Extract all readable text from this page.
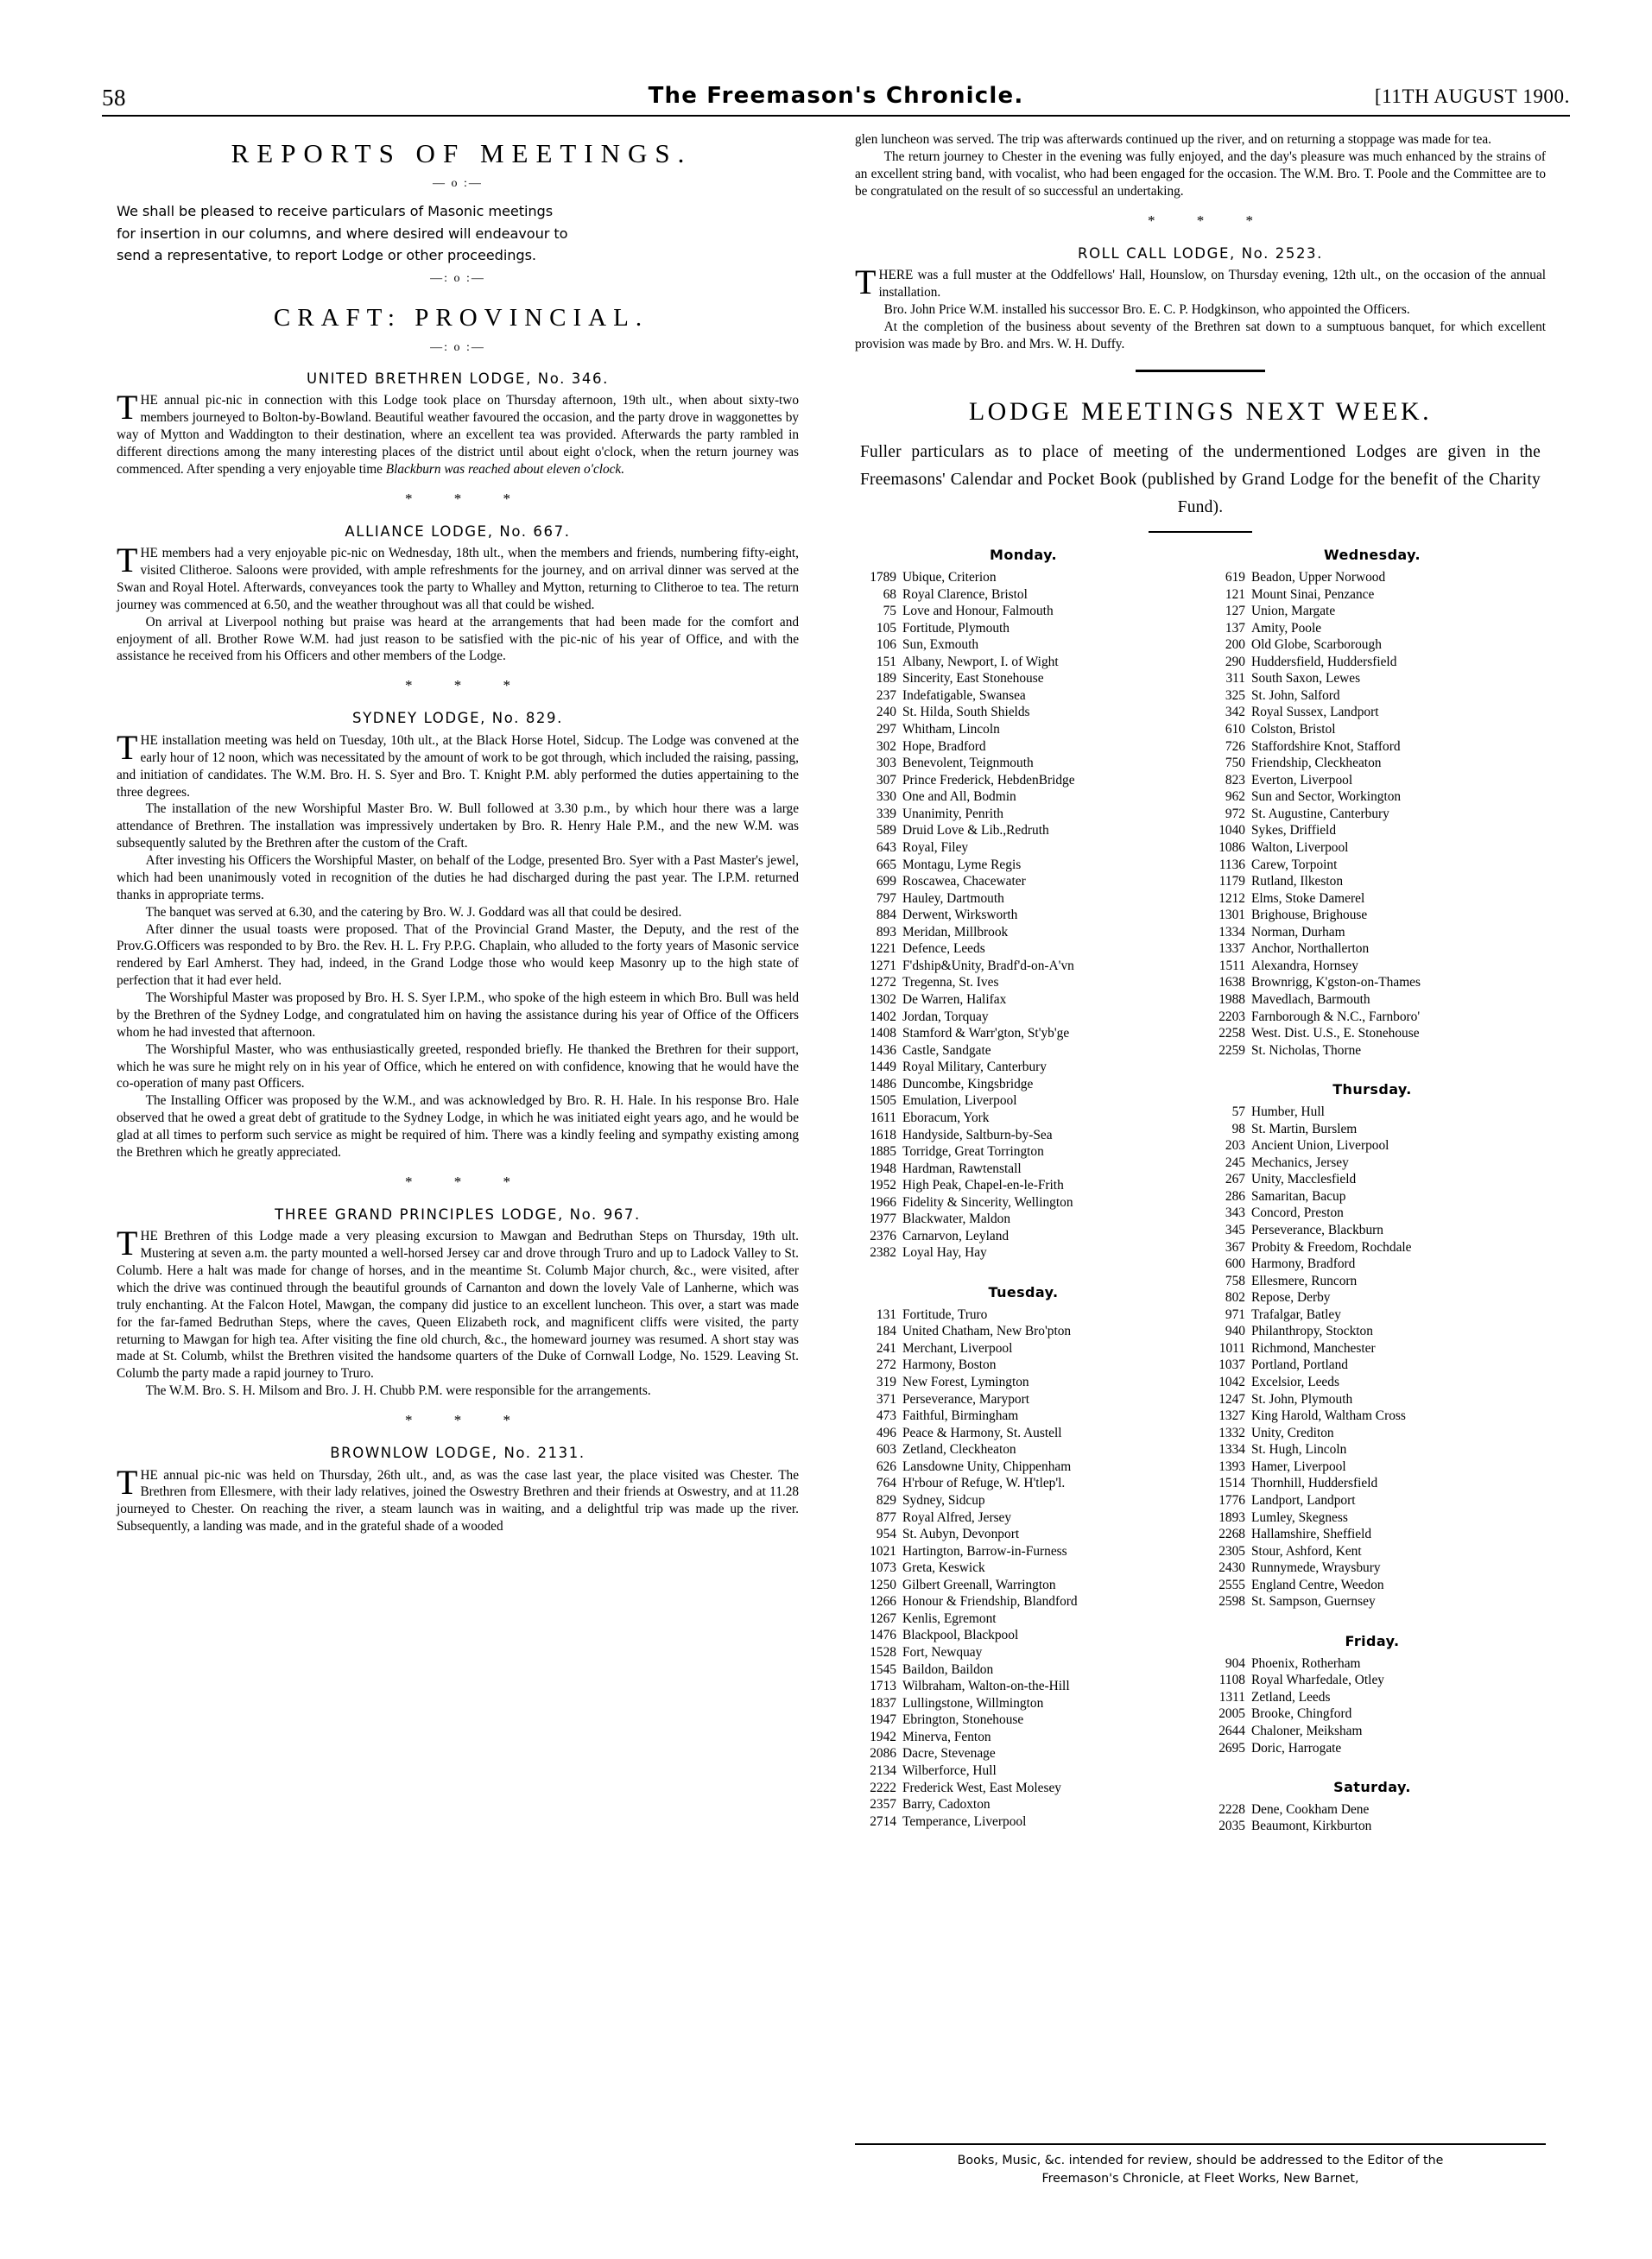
58	The Freemason's Chronicle.	[11TH AUGUST 1900.
REPORTS OF MEETINGS.
— o :—
We shall be pleased to receive particulars of Masonic meetings
for insertion in our columns, and where desired will endeavour to
send a representative, to report Lodge or other proceedings.
—: o :—
CRAFT: PROVINCIAL.
—: o :—
UNITED BRETHREN LODGE, No. 346.

THE annual pic-nic in connection with this Lodge took place on Thursday afternoon, 19th ult., when about sixty-two members journeyed to Bolton-by-Bowland. Beautiful weather favoured the occasion, and the party drove in waggonettes by way of Mytton and Waddington to their destination, where an excellent tea was provided. Afterwards the party rambled in different directions among the many interesting places of the district until about eight o'clock, when the return journey was commenced. After spending a very enjoyable time Blackburn was reached about eleven o'clock.

* * *
ALLIANCE LODGE, No. 667.

THE members had a very enjoyable pic-nic on Wednesday, 18th ult., when the members and friends, numbering fifty-eight, visited Clitheroe. Saloons were provided, with ample refreshments for the journey, and on arrival dinner was served at the Swan and Royal Hotel. Afterwards, conveyances took the party to Whalley and Mytton, returning to Clitheroe to tea. The return journey was commenced at 6.50, and the weather throughout was all that could be wished.

On arrival at Liverpool nothing but praise was heard at the arrangements that had been made for the comfort and enjoyment of all. Brother Rowe W.M. had just reason to be satisfied with the pic-nic of his year of Office, and with the assistance he received from his Officers and other members of the Lodge.

* * *
SYDNEY LODGE, No. 829.

THE installation meeting was held on Tuesday, 10th ult., at the Black Horse Hotel, Sidcup. The Lodge was convened at the early hour of 12 noon, which was necessitated by the amount of work to be got through, which included the raising, passing, and initiation of candidates. The W.M. Bro. H. S. Syer and Bro. T. Knight P.M. ably performed the duties appertaining to the three degrees.

The installation of the new Worshipful Master Bro. W. Bull followed at 3.30 p.m., by which hour there was a large attendance of Brethren. The installation was impressively undertaken by Bro. R. Henry Hale P.M., and the new W.M. was subsequently saluted by the Brethren after the custom of the Craft.

After investing his Officers the Worshipful Master, on behalf of the Lodge, presented Bro. Syer with a Past Master's jewel, which had been unanimously voted in recognition of the duties he had discharged during the past year. The I.P.M. returned thanks in appropriate terms.

The banquet was served at 6.30, and the catering by Bro. W. J. Goddard was all that could be desired.

After dinner the usual toasts were proposed. That of the Provincial Grand Master, the Deputy, and the rest of the Prov.G.Officers was responded to by Bro. the Rev. H. L. Fry P.P.G. Chaplain, who alluded to the forty years of Masonic service rendered by Earl Amherst. They had, indeed, in the Grand Lodge those who would keep Masonry up to the high state of perfection that it had ever held.

The Worshipful Master was proposed by Bro. H. S. Syer I.P.M., who spoke of the high esteem in which Bro. Bull was held by the Brethren of the Sydney Lodge, and congratulated him on having the assistance during his year of Office of the Officers whom he had invested that afternoon.

The Worshipful Master, who was enthusiastically greeted, responded briefly. He thanked the Brethren for their support, which he was sure he might rely on in his year of Office, which he entered on with confidence, knowing that he would have the co-operation of many past Officers.

The Installing Officer was proposed by the W.M., and was acknowledged by Bro. R. H. Hale. In his response Bro. Hale observed that he owed a great debt of gratitude to the Sydney Lodge, in which he was initiated eight years ago, and he would be glad at all times to perform such service as might be required of him. There was a kindly feeling and sympathy existing among the Brethren which he greatly appreciated.

* * *
THREE GRAND PRINCIPLES LODGE, No. 967.

THE Brethren of this Lodge made a very pleasing excursion to Mawgan and Bedruthan Steps on Thursday, 19th ult. Mustering at seven a.m. the party mounted a well-horsed Jersey car and drove through Truro and up to Ladock Valley to St. Columb. Here a halt was made for change of horses, and in the meantime St. Columb Major church, &c., were visited, after which the drive was continued through the beautiful grounds of Carnanton and down the lovely Vale of Lanherne, which was truly enchanting. At the Falcon Hotel, Mawgan, the company did justice to an excellent luncheon. This over, a start was made for the far-famed Bedruthan Steps, where the caves, Queen Elizabeth rock, and magnificent cliffs were visited, the party returning to Mawgan for high tea. After visiting the fine old church, &c., the homeward journey was resumed. A short stay was made at St. Columb, whilst the Brethren visited the handsome quarters of the Duke of Cornwall Lodge, No. 1529. Leaving St. Columb the party made a rapid journey to Truro.

The W.M. Bro. S. H. Milsom and Bro. J. H. Chubb P.M. were responsible for the arrangements.

* * *
BROWNLOW LODGE, No. 2131.

THE annual pic-nic was held on Thursday, 26th ult., and, as was the case last year, the place visited was Chester. The Brethren from Ellesmere, with their lady relatives, joined the Oswestry Brethren and their friends at Oswestry, and at 11.28 journeyed to Chester. On reaching the river, a steam launch was in waiting, and a delightful trip was made up the river. Subsequently, a landing was made, and in the grateful shade of a wooded

glen luncheon was served. The trip was afterwards continued up the river, and on returning a stoppage was made for tea.

The return journey to Chester in the evening was fully enjoyed, and the day's pleasure was much enhanced by the strains of an excellent string band, with vocalist, who had been engaged for the occasion. The W.M. Bro. T. Poole and the Committee are to be congratulated on the result of so successful an undertaking.

* * *
ROLL CALL LODGE, No. 2523.

THERE was a full muster at the Oddfellows' Hall, Hounslow, on Thursday evening, 12th ult., on the occasion of the annual installation.

Bro. John Price W.M. installed his successor Bro. E. C. P. Hodgkinson, who appointed the Officers.

At the completion of the business about seventy of the Brethren sat down to a sumptuous banquet, for which excellent provision was made by Bro. and Mrs. W. H. Duffy.

LODGE MEETINGS NEXT WEEK.
Fuller particulars as to place of meeting of the undermentioned Lodges are given in the Freemasons' Calendar and Pocket Book (published by Grand Lodge for the benefit of the Charity Fund).
Monday.
1789 Ubique, Criterion
68 Royal Clarence, Bristol
75 Love and Honour, Falmouth
105 Fortitude, Plymouth
106 Sun, Exmouth
151 Albany, Newport, I. of Wight
189 Sincerity, East Stonehouse
237 Indefatigable, Swansea
240 St. Hilda, South Shields
297 Whitham, Lincoln
302 Hope, Bradford
303 Benevolent, Teignmouth
307 Prince Frederick, HebdenBridge
330 One and All, Bodmin
339 Unanimity, Penrith
589 Druid Love & Lib.,Redruth
643 Royal, Filey
665 Montagu, Lyme Regis
699 Roscawea, Chacewater
797 Hauley, Dartmouth
884 Derwent, Wirksworth
893 Meridan, Millbrook
1221 Defence, Leeds
1271 F'dship&Unity, Bradf'd-on-A'vn
1272 Tregenna, St. Ives
1302 De Warren, Halifax
1402 Jordan, Torquay
1408 Stamford & Warr'gton, St'yb'ge
1436 Castle, Sandgate
1449 Royal Military, Canterbury
1486 Duncombe, Kingsbridge
1505 Emulation, Liverpool
1611 Eboracum, York
1618 Handyside, Saltburn-by-Sea
1885 Torridge, Great Torrington
1948 Hardman, Rawtenstall
1952 High Peak, Chapel-en-le-Frith
1966 Fidelity & Sincerity, Wellington
1977 Blackwater, Maldon
2376 Carnarvon, Leyland
2382 Loyal Hay, Hay
Tuesday.
131 Fortitude, Truro
184 United Chatham, New Bro'pton
241 Merchant, Liverpool
272 Harmony, Boston
319 New Forest, Lymington
371 Perseverance, Maryport
473 Faithful, Birmingham
496 Peace & Harmony, St. Austell
603 Zetland, Cleckheaton
626 Lansdowne Unity, Chippenham
764 H'rbour of Refuge, W. H'tlep'l.
829 Sydney, Sidcup
877 Royal Alfred, Jersey
954 St. Aubyn, Devonport
1021 Hartington, Barrow-in-Furness
1073 Greta, Keswick
1250 Gilbert Greenall, Warrington
1266 Honour & Friendship, Blandford
1267 Kenlis, Egremont
1476 Blackpool, Blackpool
1528 Fort, Newquay
1545 Baildon, Baildon
1713 Wilbraham, Walton-on-the-Hill
1837 Lullingstone, Willmington
1947 Ebrington, Stonehouse
1942 Minerva, Fenton
2086 Dacre, Stevenage
2134 Wilberforce, Hull
2222 Frederick West, East Molesey
2357 Barry, Cadoxton
2714 Temperance, Liverpool
Wednesday.
619 Beadon, Upper Norwood
121 Mount Sinai, Penzance
127 Union, Margate
137 Amity, Poole
200 Old Globe, Scarborough
290 Huddersfield, Huddersfield
311 South Saxon, Lewes
325 St. John, Salford
342 Royal Sussex, Landport
610 Colston, Bristol
726 Staffordshire Knot, Stafford
750 Friendship, Cleckheaton
823 Everton, Liverpool
962 Sun and Sector, Workington
972 St. Augustine, Canterbury
1040 Sykes, Driffield
1086 Walton, Liverpool
1136 Carew, Torpoint
1179 Rutland, Ilkeston
1212 Elms, Stoke Damerel
1301 Brighouse, Brighouse
1334 Norman, Durham
1337 Anchor, Northallerton
1511 Alexandra, Hornsey
1638 Brownrigg, K'gston-on-Thames
1988 Mavedlach, Barmouth
2203 Farnborough & N.C., Farnboro'
2258 West. Dist. U.S., E. Stonehouse
2259 St. Nicholas, Thorne
Thursday.
57 Humber, Hull
98 St. Martin, Burslem
203 Ancient Union, Liverpool
245 Mechanics, Jersey
267 Unity, Macclesfield
286 Samaritan, Bacup
343 Concord, Preston
345 Perseverance, Blackburn
367 Probity & Freedom, Rochdale
600 Harmony, Bradford
758 Ellesmere, Runcorn
802 Repose, Derby
971 Trafalgar, Batley
940 Philanthropy, Stockton
1011 Richmond, Manchester
1037 Portland, Portland
1042 Excelsior, Leeds
1247 St. John, Plymouth
1327 King Harold, Waltham Cross
1332 Unity, Crediton
1334 St. Hugh, Lincoln
1393 Hamer, Liverpool
1514 Thornhill, Huddersfield
1776 Landport, Landport
1893 Lumley, Skegness
2268 Hallamshire, Sheffield
2305 Stour, Ashford, Kent
2430 Runnymede, Wraysbury
2555 England Centre, Weedon
2598 St. Sampson, Guernsey
Friday.
904 Phoenix, Rotherham
1108 Royal Wharfedale, Otley
1311 Zetland, Leeds
2005 Brooke, Chingford
2644 Chaloner, Meiksham
2695 Doric, Harrogate
Saturday.
2228 Dene, Cookham Dene
2035 Beaumont, Kirkburton
Books, Music, &c. intended for review, should be addressed to the Editor of the
Freemason's Chronicle, at Fleet Works, New Barnet,
